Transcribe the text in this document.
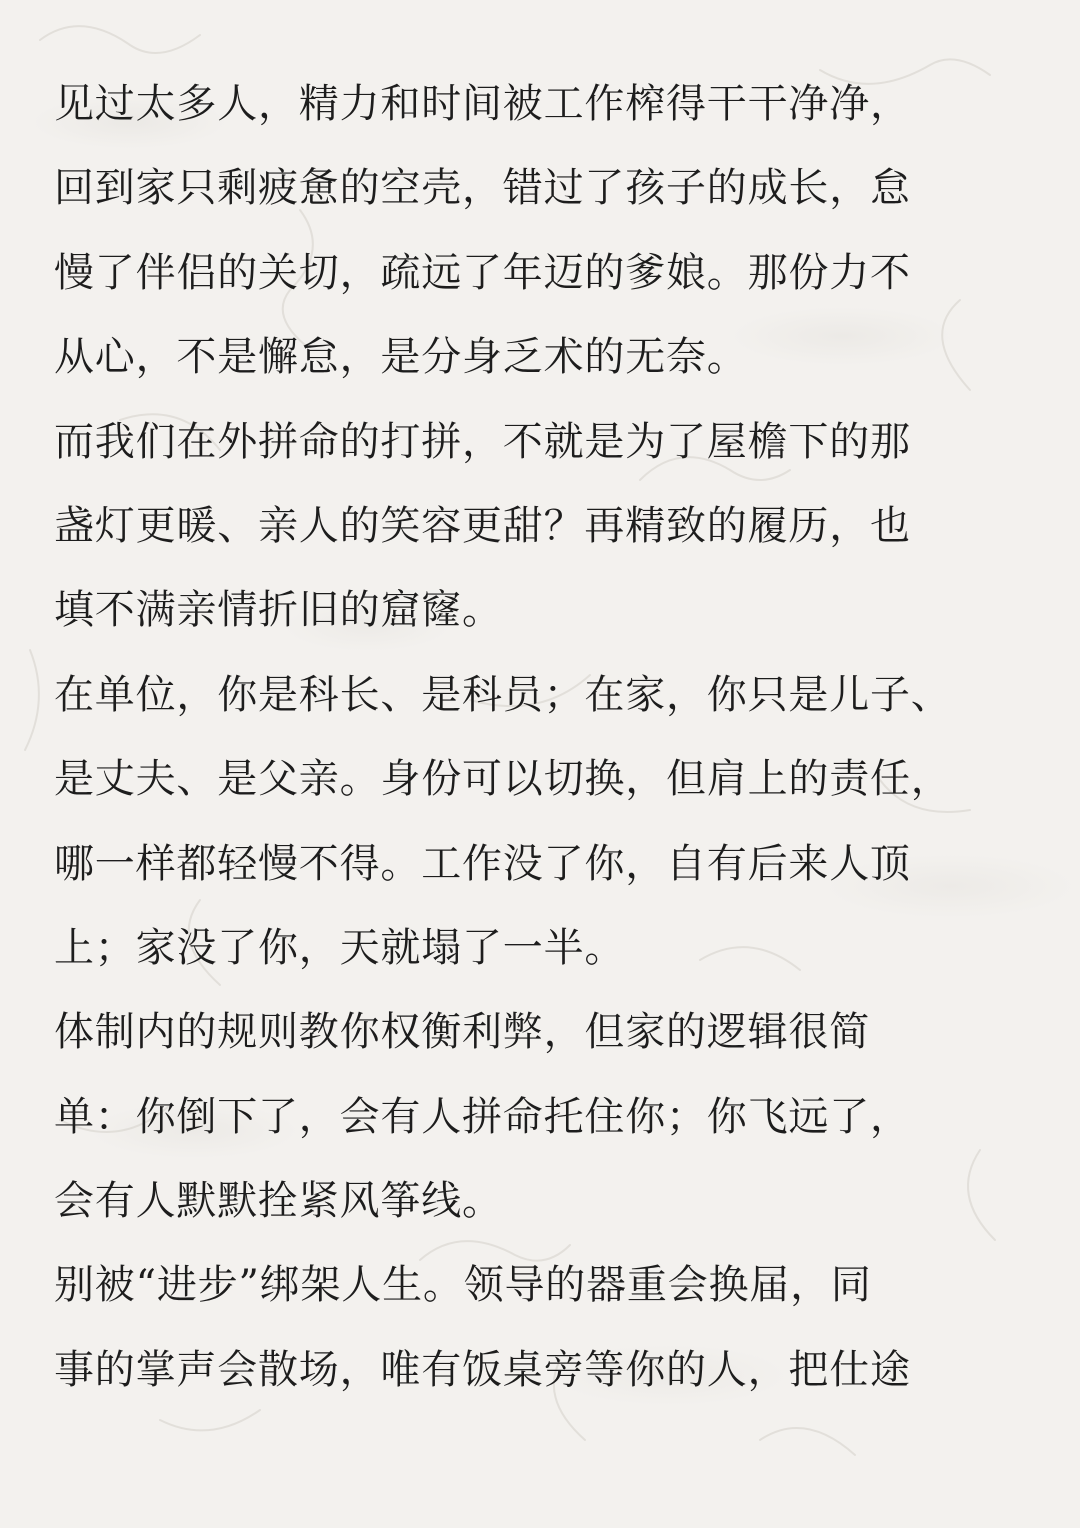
见过太多人，精力和时间被工作榨得干干净净，
回到家只剩疲惫的空壳，错过了孩子的成长，怠
慢了伴侣的关切，疏远了年迈的爹娘。那份力不
从心，不是懈怠，是分身乏术的无奈。
而我们在外拼命的打拼，不就是为了屋檐下的那
盏灯更暖、亲人的笑容更甜？再精致的履历，也
填不满亲情折旧的窟窿。
在单位，你是科长、是科员；在家，你只是儿子、
是丈夫、是父亲。身份可以切换，但肩上的责任，
哪一样都轻慢不得。工作没了你，自有后来人顶
上；家没了你，天就塌了一半。
体制内的规则教你权衡利弊，但家的逻辑很简
单：你倒下了，会有人拼命托住你；你飞远了，
会有人默默拴紧风筝线。
别被“进步”绑架人生。领导的器重会换届，同
事的掌声会散场，唯有饭桌旁等你的人，把仕途
